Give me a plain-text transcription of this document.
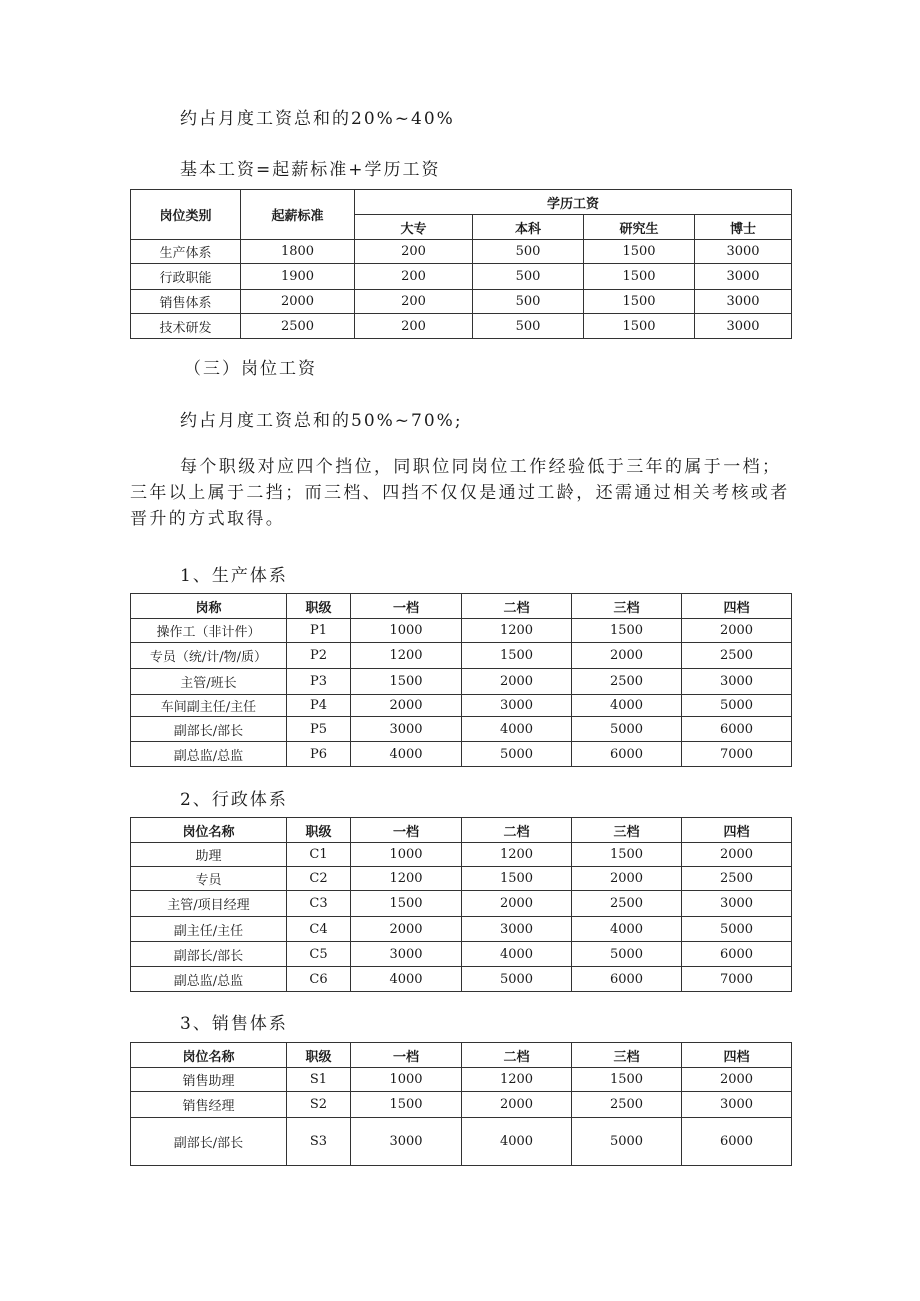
约占月度工资总和的20%~40%
基本工资=起薪标准+学历工资
岗位类别	起薪标准	学历工资			
		大专	本科	研究生	博士
生产体系	1800	200	500	1500	3000
行政职能	1900	200	500	1500	3000
销售体系	2000	200	500	1500	3000
技术研发	2500	200	500	1500	3000
（三）岗位工资
约占月度工资总和的50%~70%;
每个职级对应四个挡位，同职位同岗位工作经验低于三年的属于一档；三年以上属于二挡；而三档、四挡不仅仅是通过工龄，还需通过相关考核或者晋升的方式取得。
1、生产体系
岗称	职级	一档	二档	三档	四档
操作工（非计件）	P1	1000	1200	1500	2000
专员（统/计/物/质）	P2	1200	1500	2000	2500
主管/班长	P3	1500	2000	2500	3000
车间副主任/主任	P4	2000	3000	4000	5000
副部长/部长	P5	3000	4000	5000	6000
副总监/总监	P6	4000	5000	6000	7000
2、行政体系
岗位名称	职级	一档	二档	三档	四档
助理	C1	1000	1200	1500	2000
专员	C2	1200	1500	2000	2500
主管/项目经理	C3	1500	2000	2500	3000
副主任/主任	C4	2000	3000	4000	5000
副部长/部长	C5	3000	4000	5000	6000
副总监/总监	C6	4000	5000	6000	7000
3、销售体系
岗位名称	职级	一档	二档	三档	四档
销售助理	S1	1000	1200	1500	2000
销售经理	S2	1500	2000	2500	3000
副部长/部长	S3	3000	4000	5000	6000
